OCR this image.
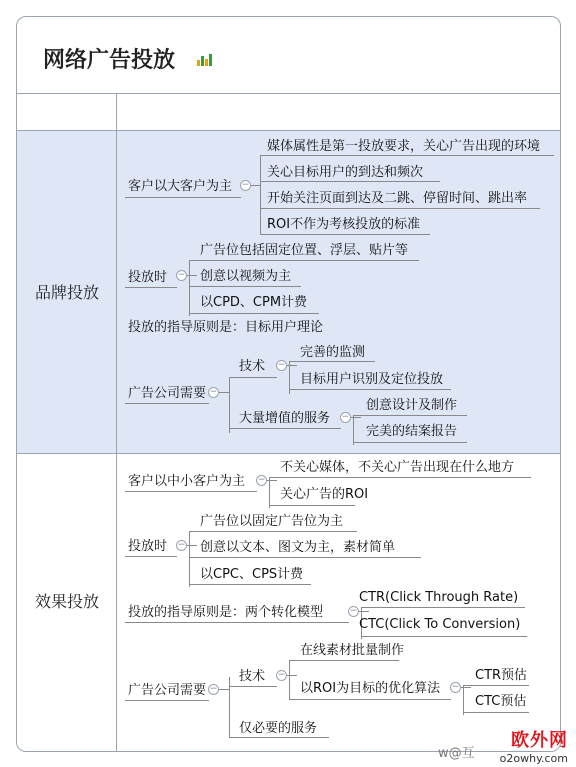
网络广告投放
品牌投放
效果投放
客户以大客户为主 −
媒体属性是第一投放要求，关心广告出现的环境
关心目标用户的到达和频次
开始关注页面到达及二跳、停留时间、跳出率
ROI不作为考核投放的标准
投放时 −
广告位包括固定位置、浮层、贴片等
创意以视频为主
以CPD、CPM计费
投放的指导原则是：目标用户理论
广告公司需要 −
技术 −
完善的监测
目标用户识别及定位投放
大量增值的服务 −
创意设计及制作
完美的结案报告
客户以中小客户为主 −
不关心媒体，不关心广告出现在什么地方
关心广告的ROI
投放时 −
广告位以固定广告位为主
创意以文本、图文为主，素材简单
以CPC、CPS计费
投放的指导原则是：两个转化模型	−
CTR(Click Through Rate)
CTC(Click To Conversion)
广告公司需要 −
技术 −
在线素材批量制作
以ROI为目标的优化算法 −
CTR预估
CTC预估
仅必要的服务
w@互
欧外网
o2owhy.com
